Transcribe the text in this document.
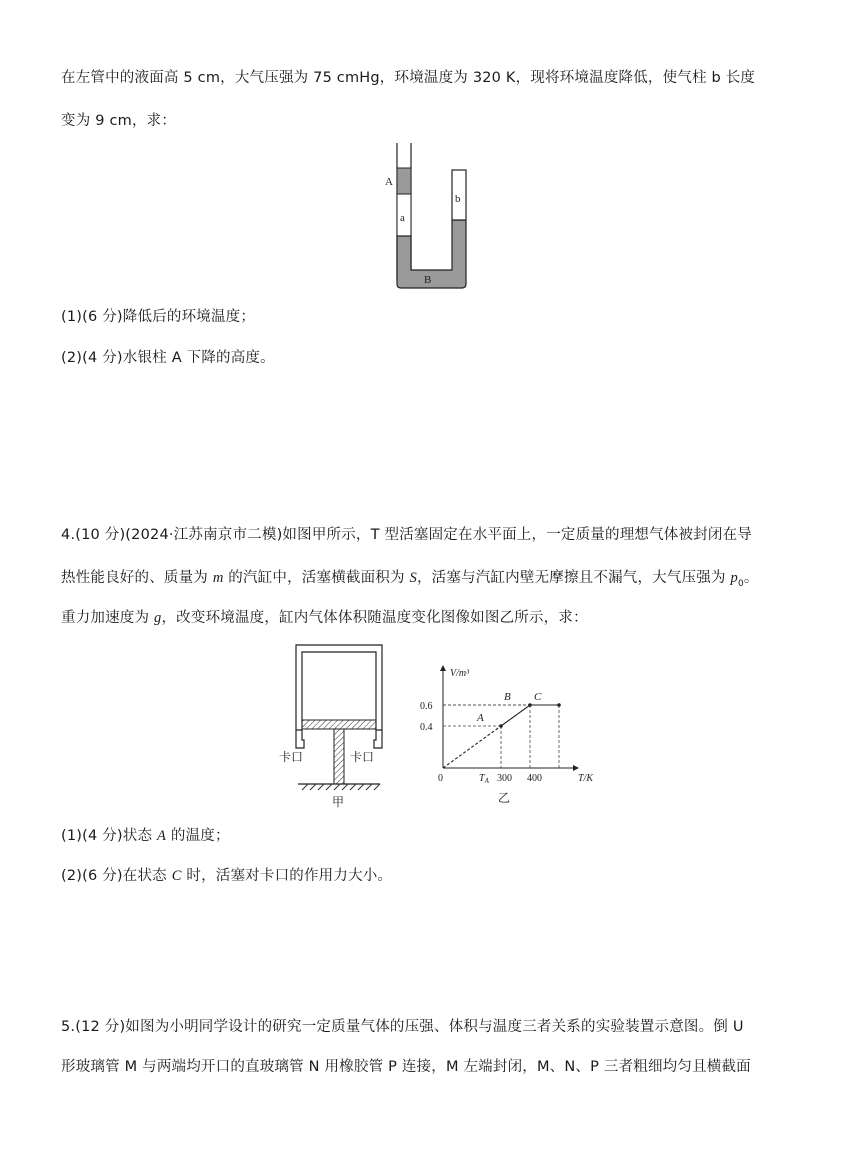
在左管中的液面高 5 cm，大气压强为 75 cmHg，环境温度为 320 K，现将环境温度降低，使气柱 b 长度
变为 9 cm，求：
A
a
b
B
(1)(6 分)降低后的环境温度；
(2)(4 分)水银柱 A 下降的高度。
4.(10 分)(2024·江苏南京市二模)如图甲所示，T 型活塞固定在水平面上，一定质量的理想气体被封闭在导
热性能良好的、质量为 m 的汽缸中，活塞横截面积为 S，活塞与汽缸内壁无摩擦且不漏气，大气压强为 $p_0$。
重力加速度为 g，改变环境温度，缸内气体体积随温度变化图像如图乙所示，求：
卡口	卡口
甲
V/m³
T/K
0
0.6
0.4
$T_A$ 300 400
A
B C
乙
(1)(4 分)状态 A 的温度；
(2)(6 分)在状态 C 时，活塞对卡口的作用力大小。
5.(12 分)如图为小明同学设计的研究一定质量气体的压强、体积与温度三者关系的实验装置示意图。倒 U
形玻璃管 M 与两端均开口的直玻璃管 N 用橡胶管 P 连接，M 左端封闭，M、N、P 三者粗细均匀且横截面
